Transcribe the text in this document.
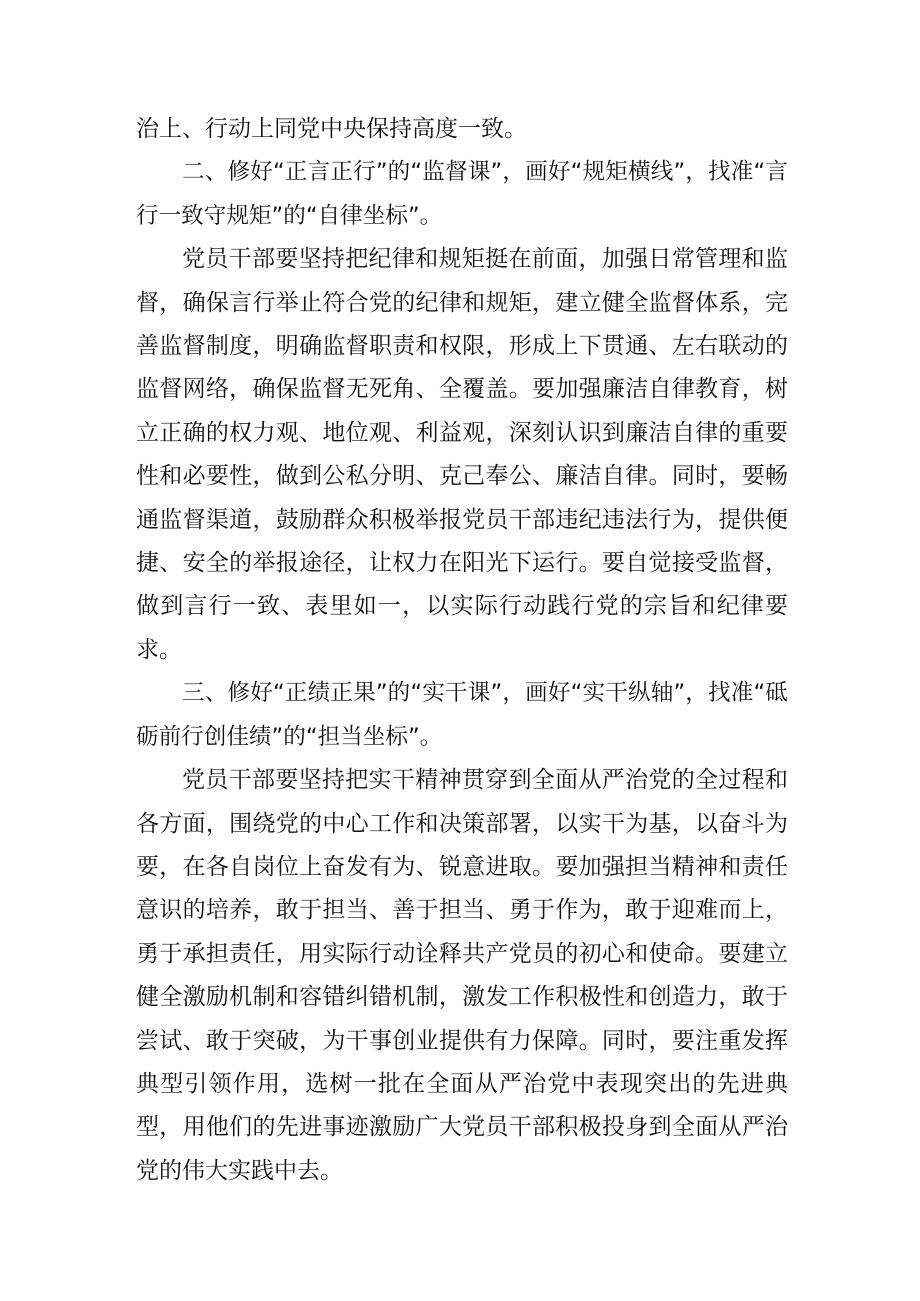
治上、行动上同党中央保持高度一致。

二、修好“正言正行”的“监督课”，画好“规矩横线”，找准“言行一致守规矩”的“自律坐标”。

党员干部要坚持把纪律和规矩挺在前面，加强日常管理和监督，确保言行举止符合党的纪律和规矩，建立健全监督体系，完善监督制度，明确监督职责和权限，形成上下贯通、左右联动的监督网络，确保监督无死角、全覆盖。要加强廉洁自律教育，树立正确的权力观、地位观、利益观，深刻认识到廉洁自律的重要性和必要性，做到公私分明、克己奉公、廉洁自律。同时，要畅通监督渠道，鼓励群众积极举报党员干部违纪违法行为，提供便捷、安全的举报途径，让权力在阳光下运行。要自觉接受监督，做到言行一致、表里如一，以实际行动践行党的宗旨和纪律要求。

三、修好“正绩正果”的“实干课”，画好“实干纵轴”，找准“砥砺前行创佳绩”的“担当坐标”。

党员干部要坚持把实干精神贯穿到全面从严治党的全过程和各方面，围绕党的中心工作和决策部署，以实干为基，以奋斗为要，在各自岗位上奋发有为、锐意进取。要加强担当精神和责任意识的培养，敢于担当、善于担当、勇于作为，敢于迎难而上，勇于承担责任，用实际行动诠释共产党员的初心和使命。要建立健全激励机制和容错纠错机制，激发工作积极性和创造力，敢于尝试、敢于突破，为干事创业提供有力保障。同时，要注重发挥典型引领作用，选树一批在全面从严治党中表现突出的先进典型，用他们的先进事迹激励广大党员干部积极投身到全面从严治党的伟大实践中去。
